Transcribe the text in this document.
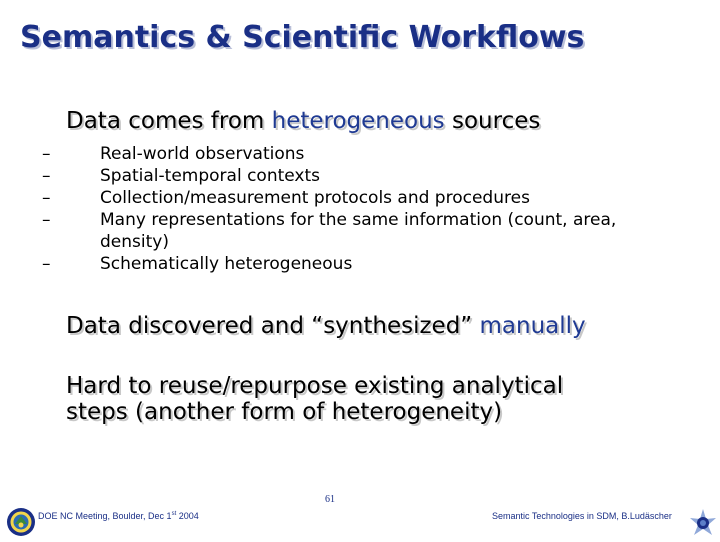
Semantics & Scientific Workflows
Data comes from heterogeneous sources
–	Real-world observations
–	Spatial-temporal contexts
–	Collection/measurement protocols and procedures
–	Many representations for the same information (count, area, density)
–	Schematically heterogeneous
Data discovered and “synthesized” manually
Hard to reuse/repurpose existing analytical
steps (another form of heterogeneity)
DOE NC Meeting, Boulder, Dec 1st 2004
61
Semantic Technologies in SDM, B.Ludäscher
